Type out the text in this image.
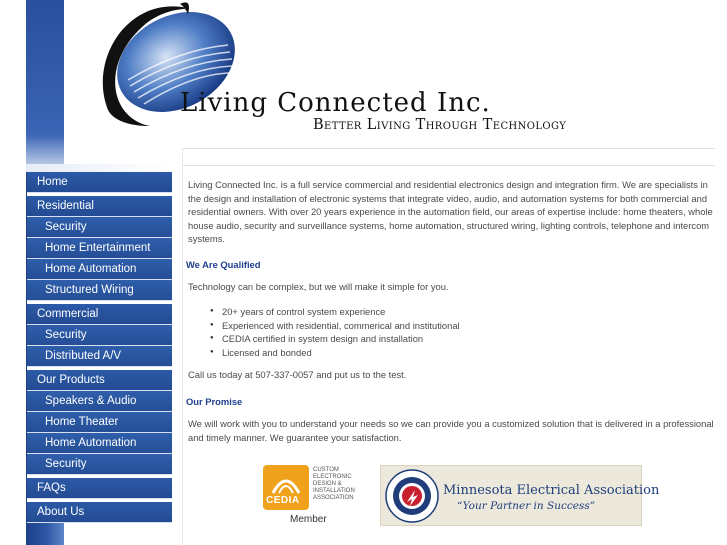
Living Connected Inc.
Better Living Through Technology
Home
Residential
Security
Home Entertainment
Home Automation
Structured Wiring
Commercial
Security
Distributed A/V
Our Products
Speakers & Audio
Home Theater
Home Automation
Security
FAQs
About Us
Living Connected Inc. is a full service commercial and residential electronics design and integration firm. We are specialists in the design and installation of electronic systems that integrate video, audio, and automation systems for both commercial and residential owners. With over 20 years experience in the automation field, our areas of expertise include: home theaters, whole house audio, security and surveillance systems, home automation, structured wiring, lighting controls, telephone and intercom systems.
We Are Qualified
Technology can be complex, but we will make it simple for you.
● 20+ years of control system experience
● Experienced with residential, commerical and institutional
● CEDIA certified in system design and installation
● Licensed and bonded
Call us today at 507-337-0057 and put us to the test.
Our Promise
We will work with you to understand your needs so we can provide you a customized solution that is delivered in a professional and timely manner. We guarantee your satisfaction.
CEDIA
CUSTOM ELECTRONIC DESIGN & INSTALLATION ASSOCIATION
Member
Minnesota Electrical Association
“Your Partner in Success”
